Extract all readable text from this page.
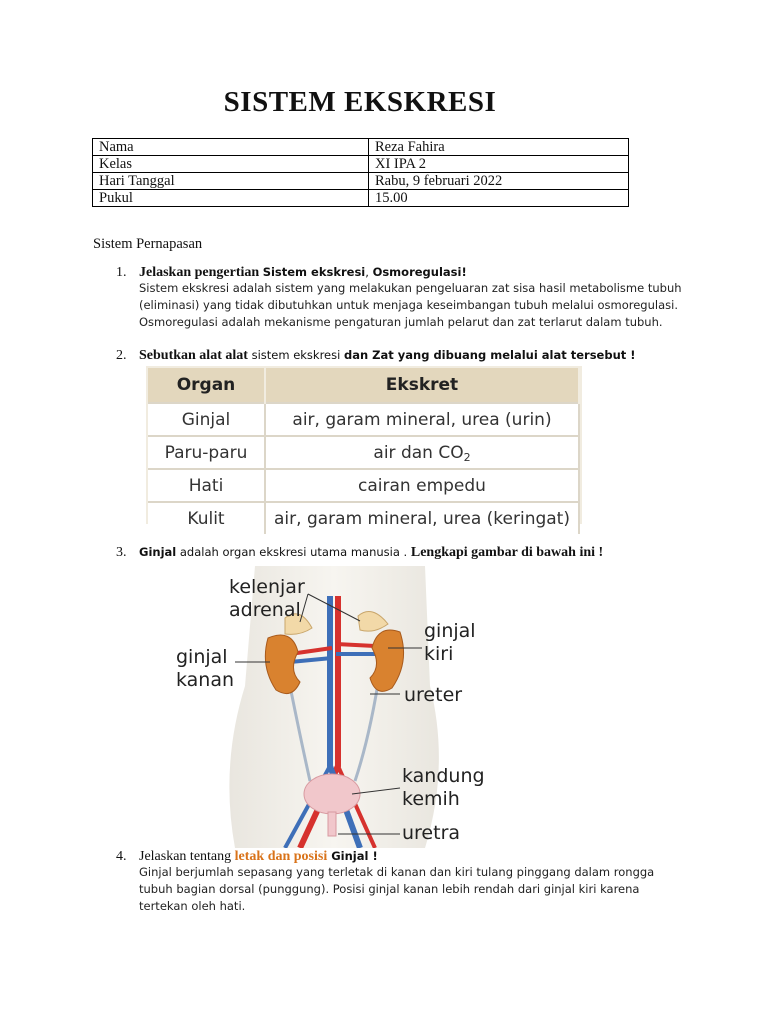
SISTEM EKSKRESI
Nama	Reza Fahira
Kelas	XI IPA 2
Hari Tanggal	Rabu, 9 februari 2022
Pukul	15.00
Sistem Pernapasan
1. Jelaskan pengertian Sistem ekskresi, Osmoregulasi!

Sistem ekskresi adalah sistem yang melakukan pengeluaran zat sisa hasil metabolisme tubuh

(eliminasi) yang tidak dibutuhkan untuk menjaga keseimbangan tubuh melalui osmoregulasi.

Osmoregulasi adalah mekanisme pengaturan jumlah pelarut dan zat terlarut dalam tubuh.

2. Sebutkan alat alat sistem ekskresi dan Zat yang dibuang melalui alat tersebut !
Organ	Ekskret
Ginjal	air, garam mineral, urea (urin)
Paru-paru	air dan $CO_2$
Hati	cairan empedu
Kulit	air, garam mineral, urea (keringat)
3. Ginjal adalah organ ekskresi utama manusia . Lengkapi gambar di bawah ini !
kelenjar
adrenal
ginjal
kanan
ginjal
kiri
ureter
kandung
kemih
uretra
4. Jelaskan tentang letak dan posisi Ginjal !

Ginjal berjumlah sepasang yang terletak di kanan dan kiri tulang pinggang dalam rongga

tubuh bagian dorsal (punggung). Posisi ginjal kanan lebih rendah dari ginjal kiri karena

tertekan oleh hati.
